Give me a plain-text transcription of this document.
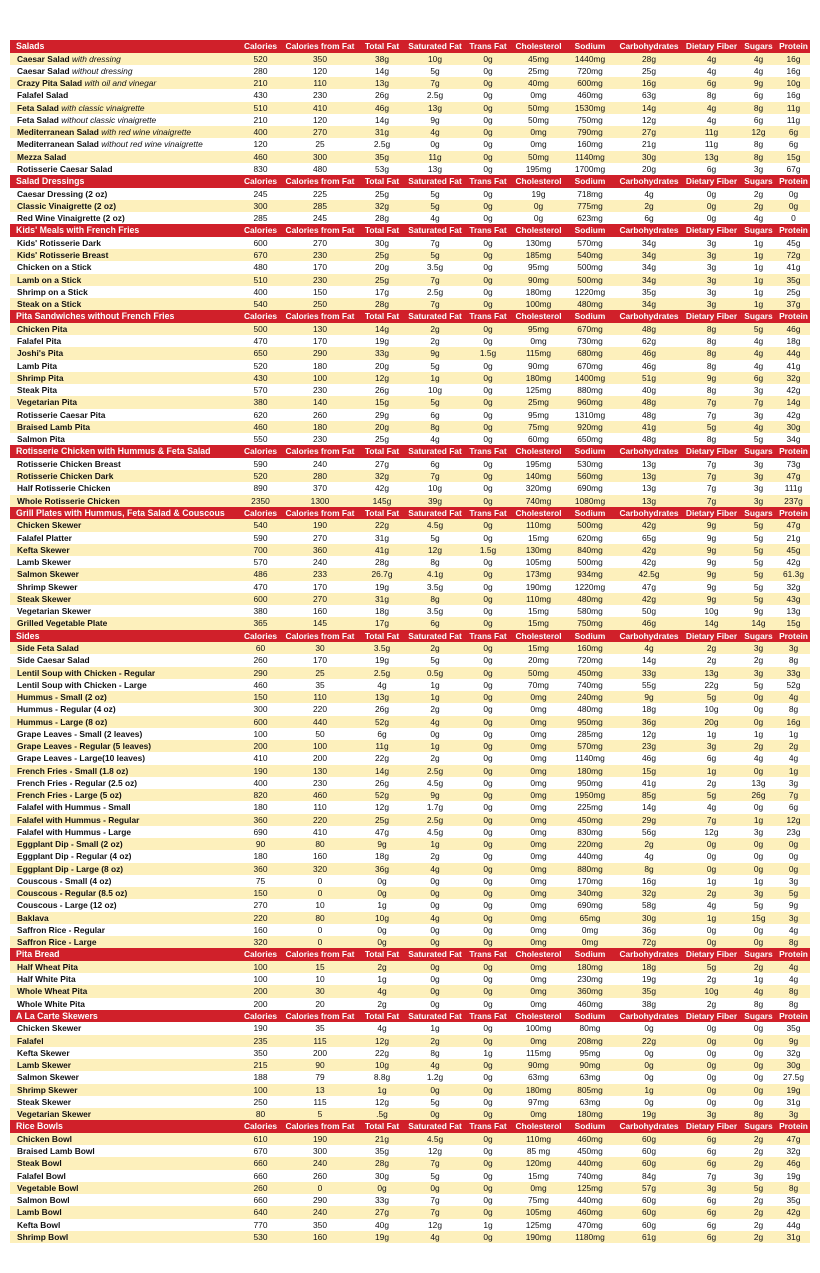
Salads	Calories	Calories from Fat	Total Fat	Saturated Fat	Trans Fat	Cholesterol	Sodium	Carbohydrates	Dietary Fiber	Sugars	Protein
Caesar Salad with dressing	520	350	38g	10g	0g	45mg	1440mg	28g	4g	4g	16g
Caesar Salad without dressing	280	120	14g	5g	0g	25mg	720mg	25g	4g	4g	16g
Crazy Pita Salad with oil and vinegar	210	110	13g	7g	0g	40mg	600mg	16g	6g	9g	10g
Falafel Salad	430	230	26g	2.5g	0g	0mg	460mg	63g	8g	6g	16g
Feta Salad with classic vinaigrette	510	410	46g	13g	0g	50mg	1530mg	14g	4g	8g	11g
Feta Salad without classic vinaigrette	210	120	14g	9g	0g	50mg	750mg	12g	4g	6g	11g
Mediterranean Salad with red wine vinaigrette	400	270	31g	4g	0g	0mg	790mg	27g	11g	12g	6g
Mediterranean Salad without red wine vinaigrette	120	25	2.5g	0g	0g	0mg	160mg	21g	11g	8g	6g
Mezza Salad	460	300	35g	11g	0g	50mg	1140mg	30g	13g	8g	15g
Rotisserie Caesar Salad	830	480	53g	13g	0g	195mg	1700mg	20g	6g	3g	67g
Salad Dressings	Calories	Calories from Fat	Total Fat	Saturated Fat	Trans Fat	Cholesterol	Sodium	Carbohydrates	Dietary Fiber	Sugars	Protein
Caesar Dressing (2 oz)	245	225	25g	5g	0g	19g	718mg	4g	0g	2g	0g
Classic Vinaigrette (2 oz)	300	285	32g	5g	0g	0g	775mg	2g	0g	2g	0g
Red Wine Vinaigrette (2 oz)	285	245	28g	4g	0g	0g	623mg	6g	0g	4g	0
Kids' Meals with French Fries	Calories	Calories from Fat	Total Fat	Saturated Fat	Trans Fat	Cholesterol	Sodium	Carbohydrates	Dietary Fiber	Sugars	Protein
Kids' Rotisserie Dark	600	270	30g	7g	0g	130mg	570mg	34g	3g	1g	45g
Kids' Rotisserie Breast	670	230	25g	5g	0g	185mg	540mg	34g	3g	1g	72g
Chicken on a Stick	480	170	20g	3.5g	0g	95mg	500mg	34g	3g	1g	41g
Lamb on a Stick	510	230	25g	7g	0g	90mg	500mg	34g	3g	1g	35g
Shrimp on a Stick	400	150	17g	2.5g	0g	180mg	1220mg	35g	3g	1g	25g
Steak on a Stick	540	250	28g	7g	0g	100mg	480mg	34g	3g	1g	37g
Pita Sandwiches without French Fries	Calories	Calories from Fat	Total Fat	Saturated Fat	Trans Fat	Cholesterol	Sodium	Carbohydrates	Dietary Fiber	Sugars	Protein
Chicken Pita	500	130	14g	2g	0g	95mg	670mg	48g	8g	5g	46g
Falafel Pita	470	170	19g	2g	0g	0mg	730mg	62g	8g	4g	18g
Joshi's Pita	650	290	33g	9g	1.5g	115mg	680mg	46g	8g	4g	44g
Lamb Pita	520	180	20g	5g	0g	90mg	670mg	46g	8g	4g	41g
Shrimp Pita	430	100	12g	1g	0g	180mg	1400mg	51g	9g	6g	32g
Steak Pita	570	230	26g	10g	0g	125mg	880mg	40g	8g	3g	42g
Vegetarian Pita	380	140	15g	5g	0g	25mg	960mg	48g	7g	7g	14g
Rotisserie Caesar Pita	620	260	29g	6g	0g	95mg	1310mg	48g	7g	3g	42g
Braised Lamb Pita	460	180	20g	8g	0g	75mg	920mg	41g	5g	4g	30g
Salmon Pita	550	230	25g	4g	0g	60mg	650mg	48g	8g	5g	34g
Rotisserie Chicken with Hummus & Feta Salad	Calories	Calories from Fat	Total Fat	Saturated Fat	Trans Fat	Cholesterol	Sodium	Carbohydrates	Dietary Fiber	Sugars	Protein
Rotisserie Chicken Breast	590	240	27g	6g	0g	195mg	530mg	13g	7g	3g	73g
Rotisserie Chicken Dark	520	280	32g	7g	0g	140mg	560mg	13g	7g	3g	47g
Half Rotisserie Chicken	890	370	42g	10g	0g	320mg	690mg	13g	7g	3g	111g
Whole Rotisserie Chicken	2350	1300	145g	39g	0g	740mg	1080mg	13g	7g	3g	237g
Grill Plates with Hummus, Feta Salad & Couscous	Calories	Calories from Fat	Total Fat	Saturated Fat	Trans Fat	Cholesterol	Sodium	Carbohydrates	Dietary Fiber	Sugars	Protein
Chicken Skewer	540	190	22g	4.5g	0g	110mg	500mg	42g	9g	5g	47g
Falafel Platter	590	270	31g	5g	0g	15mg	620mg	65g	9g	5g	21g
Kefta Skewer	700	360	41g	12g	1.5g	130mg	840mg	42g	9g	5g	45g
Lamb Skewer	570	240	28g	8g	0g	105mg	500mg	42g	9g	5g	42g
Salmon Skewer	486	233	26.7g	4.1g	0g	173mg	934mg	42.5g	9g	5g	61.3g
Shrimp Skewer	470	170	19g	3.5g	0g	190mg	1220mg	47g	9g	5g	32g
Steak Skewer	600	270	31g	8g	0g	110mg	480mg	42g	9g	5g	43g
Vegetarian Skewer	380	160	18g	3.5g	0g	15mg	580mg	50g	10g	9g	13g
Grilled Vegetable Plate	365	145	17g	6g	0g	15mg	750mg	46g	14g	14g	15g
Sides	Calories	Calories from Fat	Total Fat	Saturated Fat	Trans Fat	Cholesterol	Sodium	Carbohydrates	Dietary Fiber	Sugars	Protein
Side Feta Salad	60	30	3.5g	2g	0g	15mg	160mg	4g	2g	3g	3g
Side Caesar Salad	260	170	19g	5g	0g	20mg	720mg	14g	2g	2g	8g
Lentil Soup with Chicken - Regular	290	25	2.5g	0.5g	0g	50mg	450mg	33g	13g	3g	33g
Lentil Soup with Chicken - Large	460	35	4g	1g	0g	70mg	740mg	55g	22g	5g	52g
Hummus - Small (2 oz)	150	110	13g	1g	0g	0mg	240mg	9g	5g	0g	4g
Hummus - Regular (4 oz)	300	220	26g	2g	0g	0mg	480mg	18g	10g	0g	8g
Hummus - Large (8 oz)	600	440	52g	4g	0g	0mg	950mg	36g	20g	0g	16g
Grape Leaves - Small (2 leaves)	100	50	6g	0g	0g	0mg	285mg	12g	1g	1g	1g
Grape Leaves - Regular (5 leaves)	200	100	11g	1g	0g	0mg	570mg	23g	3g	2g	2g
Grape Leaves - Large(10 leaves)	410	200	22g	2g	0g	0mg	1140mg	46g	6g	4g	4g
French Fries - Small (1.8 oz)	190	130	14g	2.5g	0g	0mg	180mg	15g	1g	0g	1g
French Fries - Regular (2.5 oz)	400	230	26g	4.5g	0g	0mg	950mg	41g	2g	13g	3g
French Fries - Large (5 oz)	820	460	52g	9g	0g	0mg	1950mg	85g	5g	26g	7g
Falafel with Hummus - Small	180	110	12g	1.7g	0g	0mg	225mg	14g	4g	0g	6g
Falafel with Hummus - Regular	360	220	25g	2.5g	0g	0mg	450mg	29g	7g	1g	12g
Falafel with Hummus - Large	690	410	47g	4.5g	0g	0mg	830mg	56g	12g	3g	23g
Eggplant Dip - Small (2 oz)	90	80	9g	1g	0g	0mg	220mg	2g	0g	0g	0g
Eggplant Dip - Regular (4 oz)	180	160	18g	2g	0g	0mg	440mg	4g	0g	0g	0g
Eggplant Dip - Large (8 oz)	360	320	36g	4g	0g	0mg	880mg	8g	0g	0g	0g
Couscous - Small (4 oz)	75	0	0g	0g	0g	0mg	170mg	16g	1g	1g	3g
Couscous - Regular (8.5 oz)	150	0	0g	0g	0g	0mg	340mg	32g	2g	3g	5g
Couscous - Large (12 oz)	270	10	1g	0g	0g	0mg	690mg	58g	4g	5g	9g
Baklava	220	80	10g	4g	0g	0mg	65mg	30g	1g	15g	3g
Saffron Rice - Regular	160	0	0g	0g	0g	0mg	0mg	36g	0g	0g	4g
Saffron Rice - Large	320	0	0g	0g	0g	0mg	0mg	72g	0g	0g	8g
Pita Bread	Calories	Calories from Fat	Total Fat	Saturated Fat	Trans Fat	Cholesterol	Sodium	Carbohydrates	Dietary Fiber	Sugars	Protein
Half Wheat Pita	100	15	2g	0g	0g	0mg	180mg	18g	5g	2g	4g
Half White Pita	100	10	1g	0g	0g	0mg	230mg	19g	2g	1g	4g
Whole Wheat Pita	200	30	4g	0g	0g	0mg	360mg	35g	10g	4g	8g
Whole White Pita	200	20	2g	0g	0g	0mg	460mg	38g	2g	8g	8g
A La Carte Skewers	Calories	Calories from Fat	Total Fat	Saturated Fat	Trans Fat	Cholesterol	Sodium	Carbohydrates	Dietary Fiber	Sugars	Protein
Chicken Skewer	190	35	4g	1g	0g	100mg	80mg	0g	0g	0g	35g
Falafel	235	115	12g	2g	0g	0mg	208mg	22g	0g	0g	9g
Kefta Skewer	350	200	22g	8g	1g	115mg	95mg	0g	0g	0g	32g
Lamb Skewer	215	90	10g	4g	0g	90mg	90mg	0g	0g	0g	30g
Salmon Skewer	188	79	8.8g	1.2g	0g	63mg	63mg	0g	0g	0g	27.5g
Shrimp Skewer	100	13	1g	0g	0g	180mg	805mg	1g	0g	0g	19g
Steak Skewer	250	115	12g	5g	0g	97mg	63mg	0g	0g	0g	31g
Vegetarian Skewer	80	5	.5g	0g	0g	0mg	180mg	19g	3g	8g	3g
Rice Bowls	Calories	Calories from Fat	Total Fat	Saturated Fat	Trans Fat	Cholesterol	Sodium	Carbohydrates	Dietary Fiber	Sugars	Protein
Chicken Bowl	610	190	21g	4.5g	0g	110mg	460mg	60g	6g	2g	47g
Braised Lamb Bowl	670	300	35g	12g	0g	85 mg	450mg	60g	6g	2g	32g
Steak Bowl	660	240	28g	7g	0g	120mg	440mg	60g	6g	2g	46g
Falafel Bowl	660	260	30g	5g	0g	15mg	740mg	84g	7g	3g	19g
Vegetable Bowl	260	0	0g	0g	0g	0mg	125mg	57g	3g	5g	8g
Salmon Bowl	660	290	33g	7g	0g	75mg	440mg	60g	6g	2g	35g
Lamb Bowl	640	240	27g	7g	0g	105mg	460mg	60g	6g	2g	42g
Kefta Bowl	770	350	40g	12g	1g	125mg	470mg	60g	6g	2g	44g
Shrimp Bowl	530	160	19g	4g	0g	190mg	1180mg	61g	6g	2g	31g
